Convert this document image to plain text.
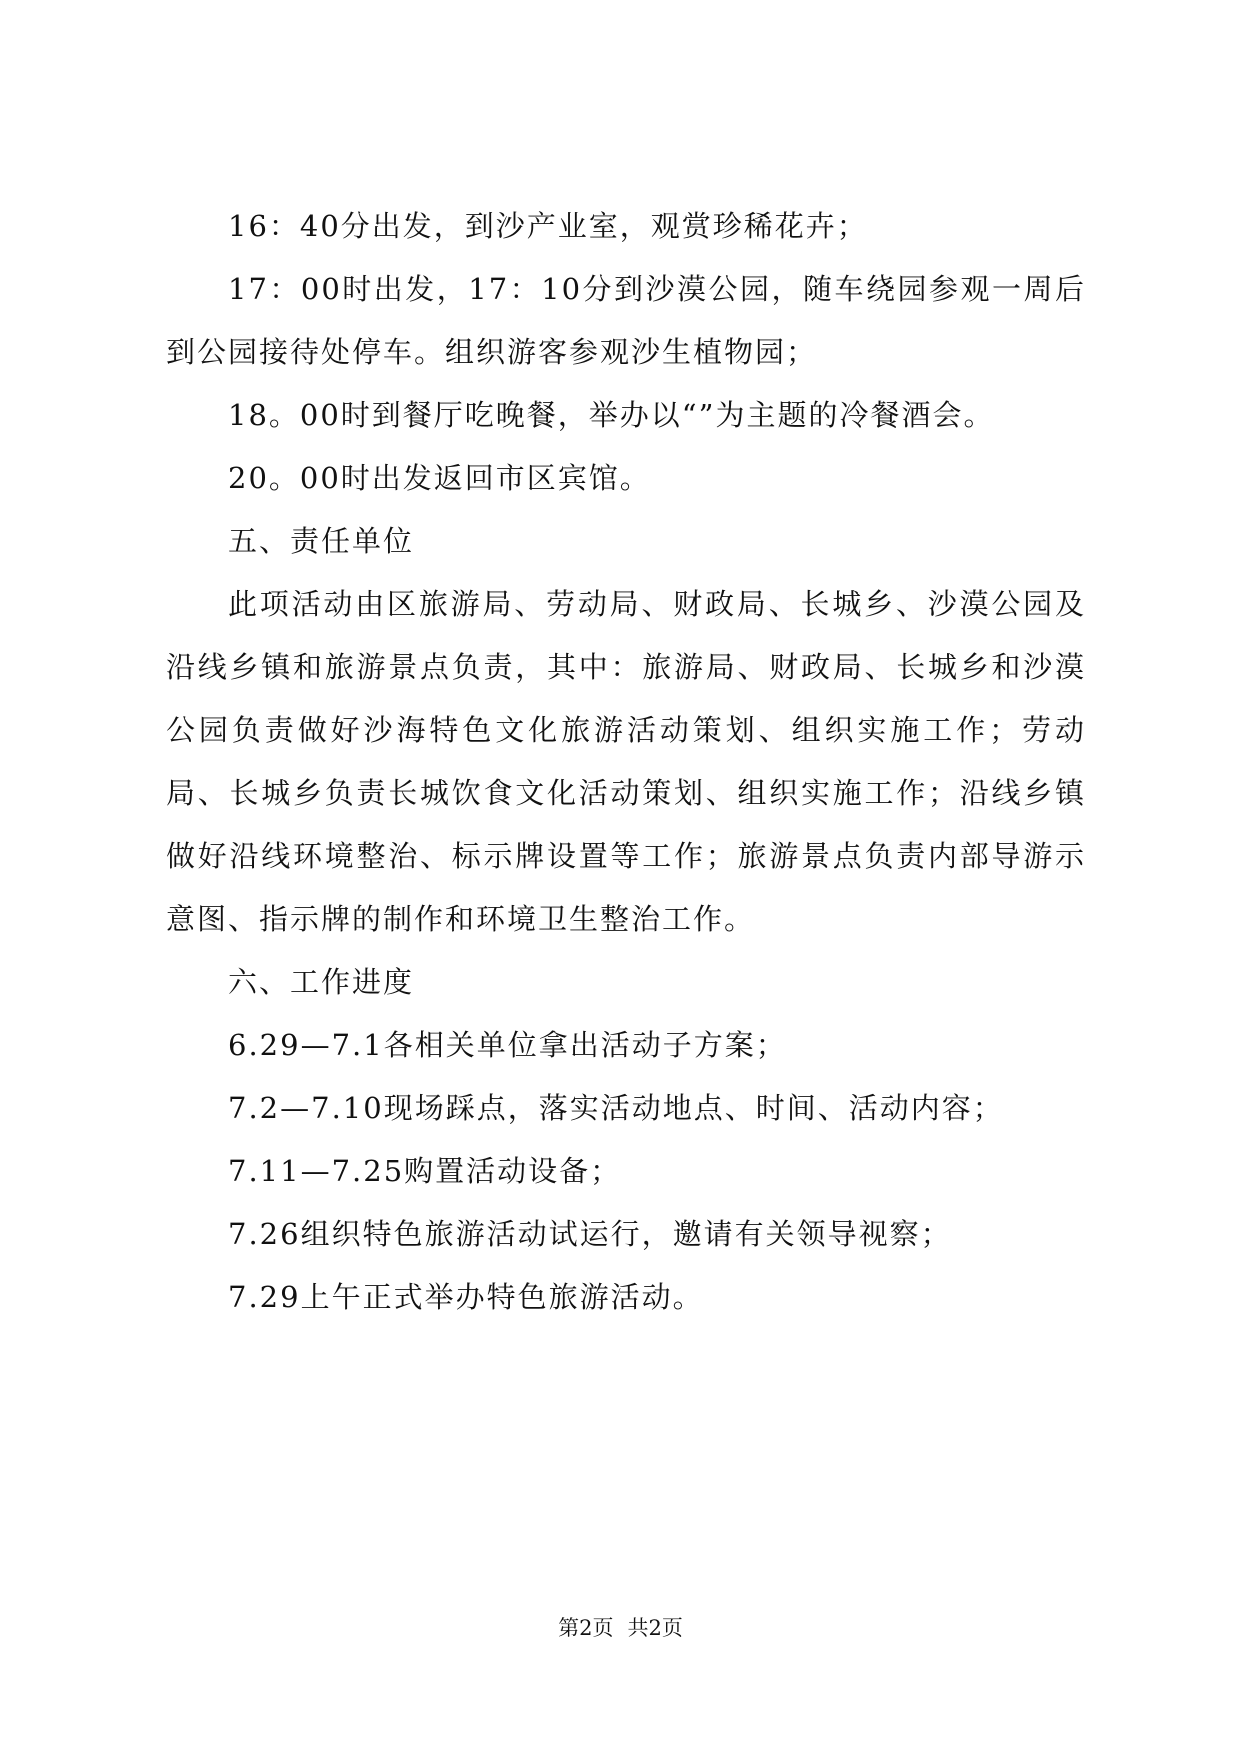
16：40分出发，到沙产业室，观赏珍稀花卉；

17：00时出发，17：10分到沙漠公园，随车绕园参观一周后到公园接待处停车。组织游客参观沙生植物园；

18。00时到餐厅吃晚餐，举办以“”为主题的冷餐酒会。

20。00时出发返回市区宾馆。

五、责任单位

此项活动由区旅游局、劳动局、财政局、长城乡、沙漠公园及沿线乡镇和旅游景点负责，其中：旅游局、财政局、长城乡和沙漠公园负责做好沙海特色文化旅游活动策划、组织实施工作；劳动局、长城乡负责长城饮食文化活动策划、组织实施工作；沿线乡镇做好沿线环境整治、标示牌设置等工作；旅游景点负责内部导游示意图、指示牌的制作和环境卫生整治工作。

六、工作进度

6.29—7.1各相关单位拿出活动子方案；

7.2—7.10现场踩点，落实活动地点、时间、活动内容；

7.11—7.25购置活动设备；

7.26组织特色旅游活动试运行，邀请有关领导视察；

7.29上午正式举办特色旅游活动。

第2页 共2页
